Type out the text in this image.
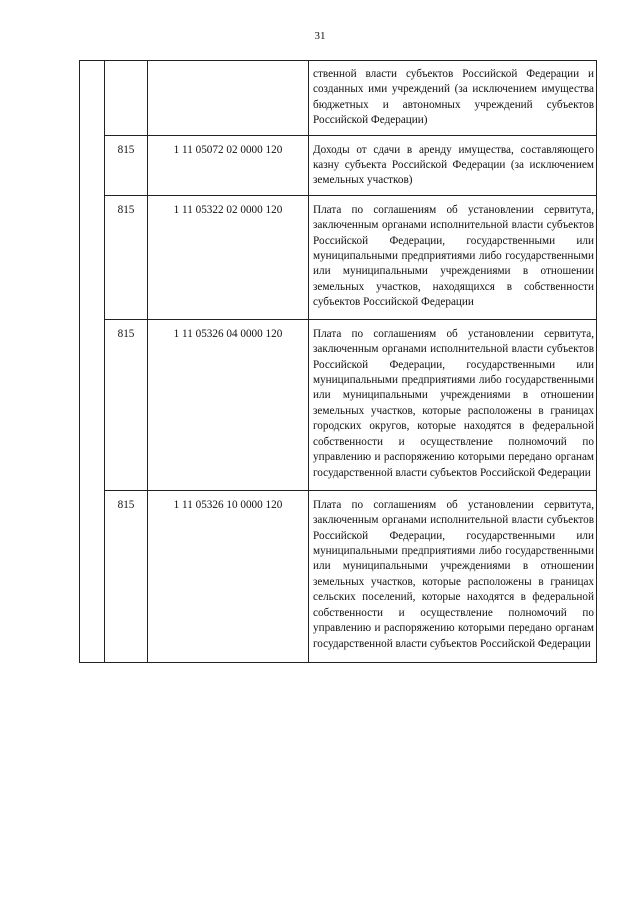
31
			ственной власти субъектов Российской Федерации и созданных ими учреждений (за исключением имущества бюджетных и автономных учреждений субъектов Российской Федерации)
	815	1 11 05072 02 0000 120	Доходы от сдачи в аренду имущества, составляющего казну субъекта Российской Федерации (за исключением земельных участков)
	815	1 11 05322 02 0000 120	Плата по соглашениям об установлении сервитута, заключенным органами исполнительной власти субъектов Российской Федерации, государственными или муниципальными предприятиями либо государственными или муниципальными учреждениями в отношении земельных участков, находящихся в собственности субъектов Российской Федерации
	815	1 11 05326 04 0000 120	Плата по соглашениям об установлении сервитута, заключенным органами исполнительной власти субъектов Российской Федерации, государственными или муниципальными предприятиями либо государственными или муниципальными учреждениями в отношении земельных участков, которые расположены в границах городских округов, которые находятся в федеральной собственности и осуществление полномочий по управлению и распоряжению которыми передано органам государственной власти субъектов Российской Федерации
	815	1 11 05326 10 0000 120	Плата по соглашениям об установлении сервитута, заключенным органами исполнительной власти субъектов Российской Федерации, государственными или муниципальными предприятиями либо государственными или муниципальными учреждениями в отношении земельных участков, которые расположены в границах сельских поселений, которые находятся в федеральной собственности и осуществление полномочий по управлению и распоряжению которыми передано органам государственной власти субъектов Российской Федерации
